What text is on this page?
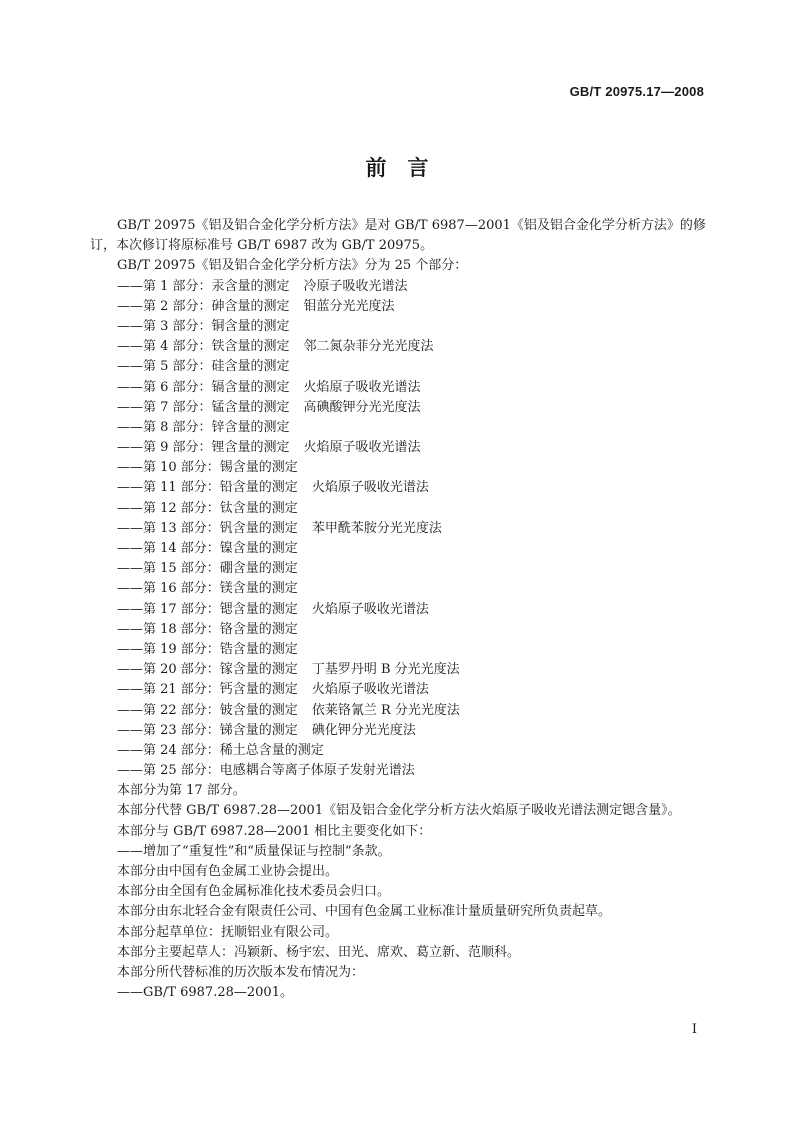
GB/T 20975.17—2008
前　言
GB/T 20975《铝及铝合金化学分析方法》是对 GB/T 6987—2001《铝及铝合金化学分析方法》的修
订，本次修订将原标准号 GB/T 6987 改为 GB/T 20975。
GB/T 20975《铝及铝合金化学分析方法》分为 25 个部分：
——第 1 部分：汞含量的测定 冷原子吸收光谱法
——第 2 部分：砷含量的测定 钼蓝分光光度法
——第 3 部分：铜含量的测定
——第 4 部分：铁含量的测定 邻二氮杂菲分光光度法
——第 5 部分：硅含量的测定
——第 6 部分：镉含量的测定 火焰原子吸收光谱法
——第 7 部分：锰含量的测定 高碘酸钾分光光度法
——第 8 部分：锌含量的测定
——第 9 部分：锂含量的测定 火焰原子吸收光谱法
——第 10 部分：锡含量的测定
——第 11 部分：铅含量的测定 火焰原子吸收光谱法
——第 12 部分：钛含量的测定
——第 13 部分：钒含量的测定 苯甲酰苯胺分光光度法
——第 14 部分：镍含量的测定
——第 15 部分：硼含量的测定
——第 16 部分：镁含量的测定
——第 17 部分：锶含量的测定 火焰原子吸收光谱法
——第 18 部分：铬含量的测定
——第 19 部分：锆含量的测定
——第 20 部分：镓含量的测定 丁基罗丹明 B 分光光度法
——第 21 部分：钙含量的测定 火焰原子吸收光谱法
——第 22 部分：铍含量的测定 依莱铬氰兰 R 分光光度法
——第 23 部分：锑含量的测定 碘化钾分光光度法
——第 24 部分：稀土总含量的测定
——第 25 部分：电感耦合等离子体原子发射光谱法
本部分为第 17 部分。
本部分代替 GB/T 6987.28—2001《铝及铝合金化学分析方法火焰原子吸收光谱法测定锶含量》。
本部分与 GB/T 6987.28—2001 相比主要变化如下：
——增加了“重复性”和“质量保证与控制”条款。
本部分由中国有色金属工业协会提出。
本部分由全国有色金属标准化技术委员会归口。
本部分由东北轻合金有限责任公司、中国有色金属工业标准计量质量研究所负责起草。
本部分起草单位：抚顺铝业有限公司。
本部分主要起草人：冯颖新、杨宇宏、田光、席欢、葛立新、范顺科。
本部分所代替标准的历次版本发布情况为：
——GB/T 6987.28—2001。
I
